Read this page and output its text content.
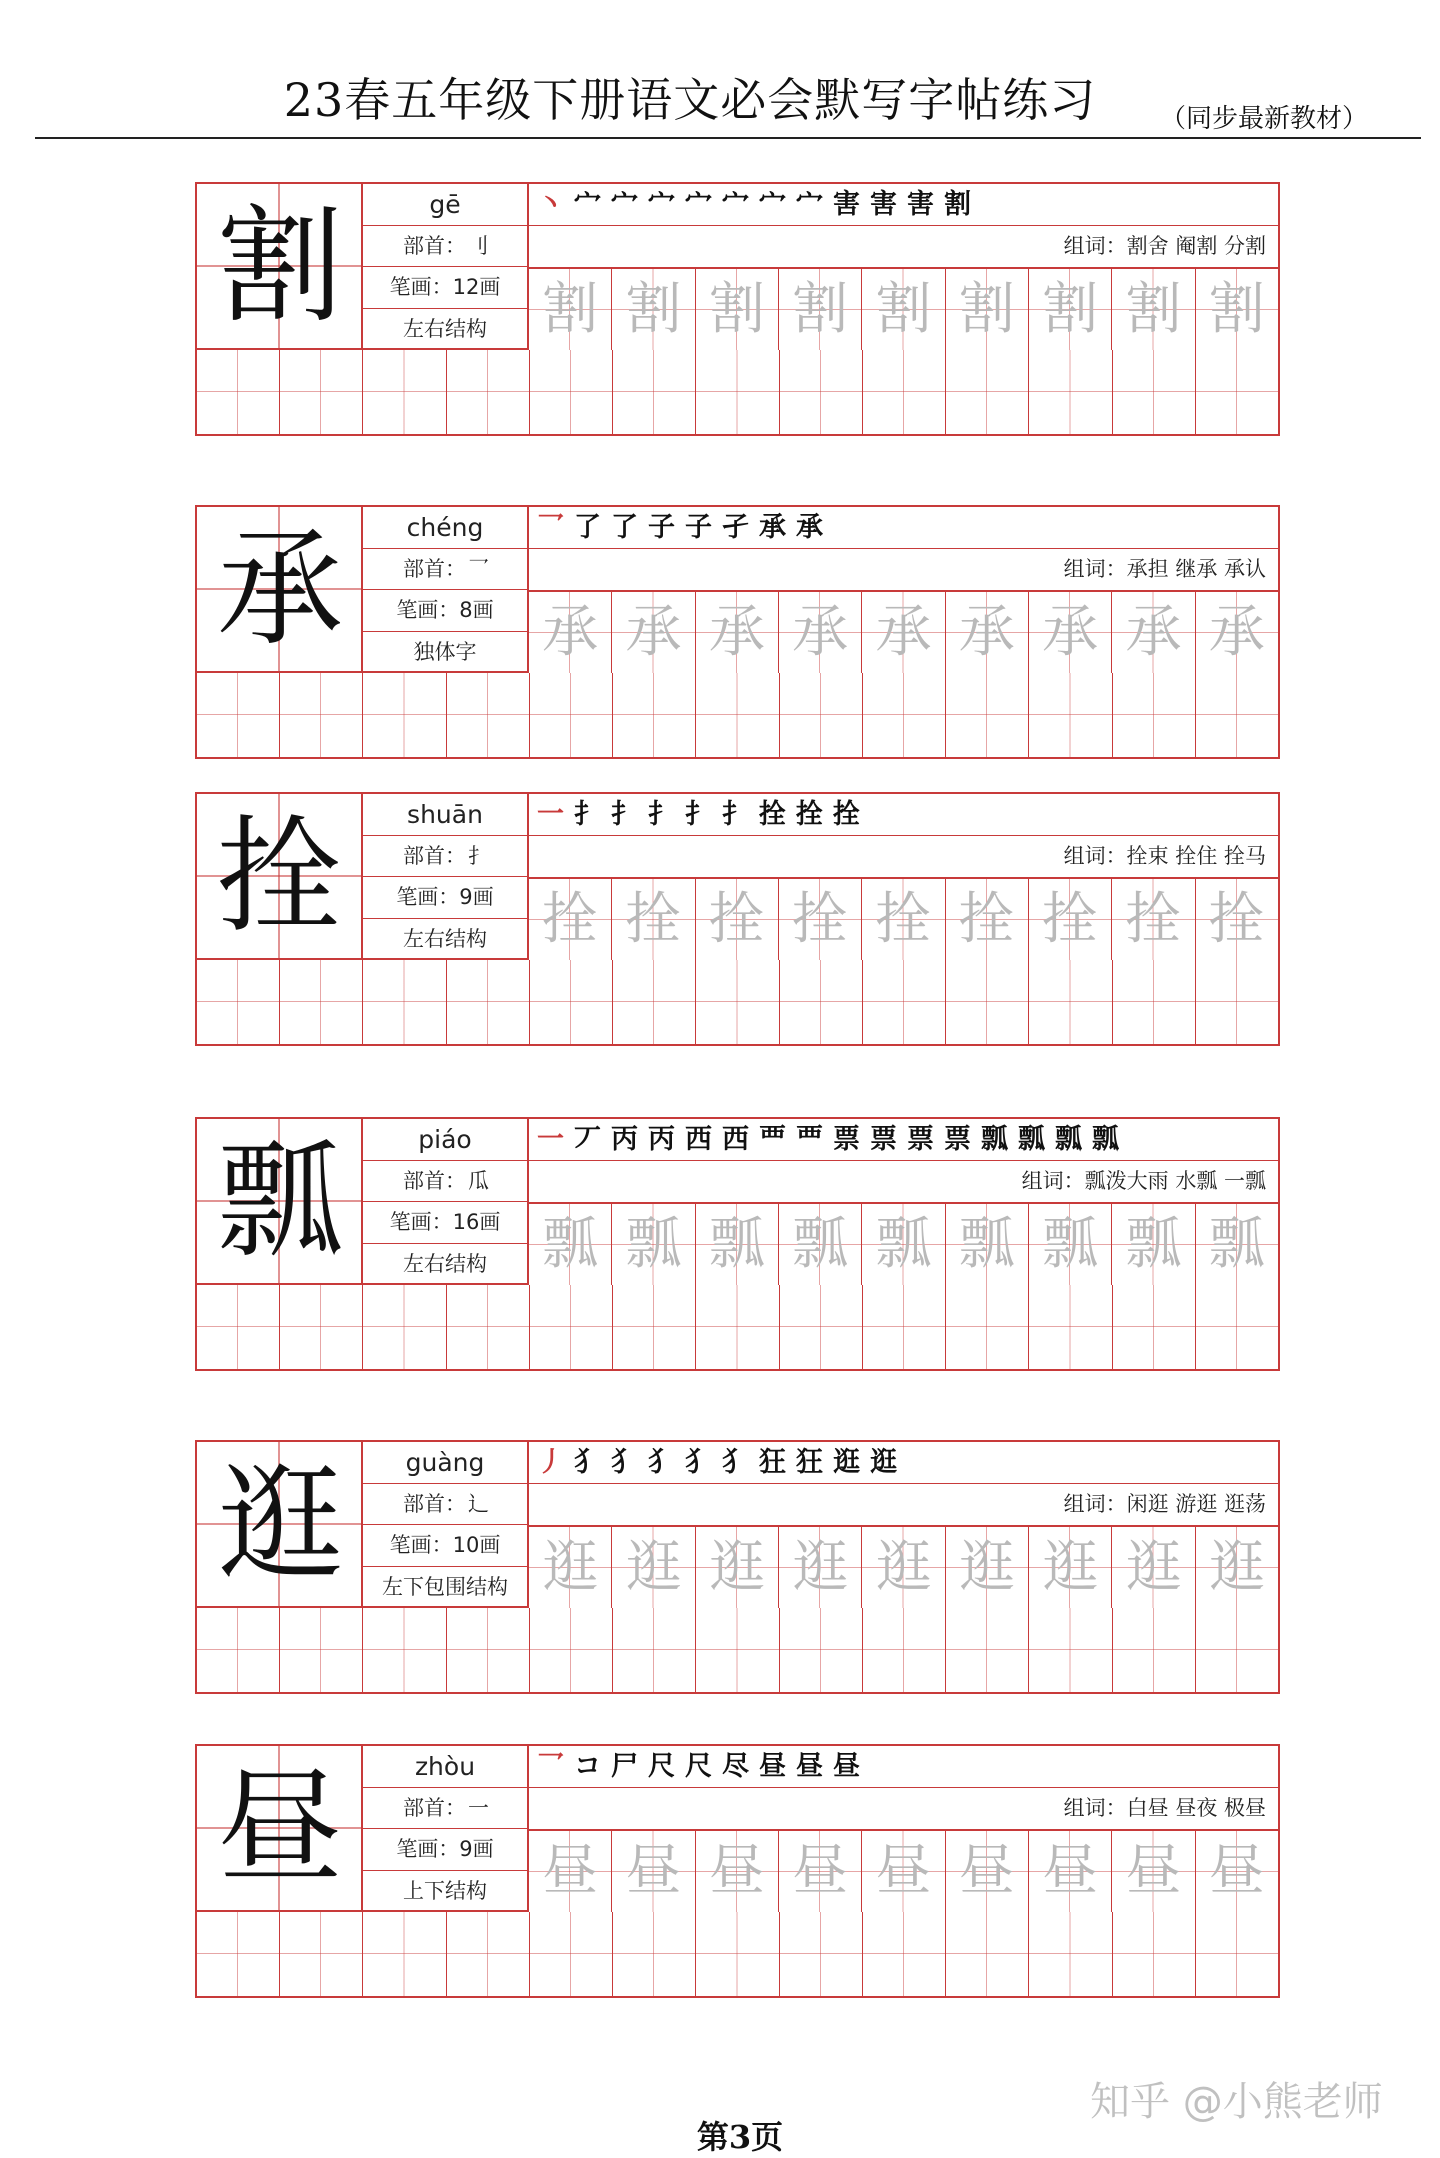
23春五年级下册语文必会默写字帖练习	（同步最新教材）
割	gē
部首：刂
笔画：12画
左右结构
丶 宀 宀 宀 宀 宀 宀 宀 害 害 害 割
组词：割舍 阉割 分割
割 割 割 割 割 割 割 割 割
承	chéng
部首：乛
笔画：8画
独体字
乛 了 了 子 子 孑 承 承
组词：承担 继承 承认
承 承 承 承 承 承 承 承 承
拴	shuān
部首：扌
笔画：9画
左右结构
一 扌 扌 扌 扌 扌 拴 拴 拴
组词：拴束 拴住 拴马
拴 拴 拴 拴 拴 拴 拴 拴 拴
瓢	piáo
部首：瓜
笔画：16画
左右结构
一 丆 丙 丙 西 西 覀 覀 票 票 票 票 瓢 瓢 瓢 瓢
组词：瓢泼大雨 水瓢 一瓢
瓢 瓢 瓢 瓢 瓢 瓢 瓢 瓢 瓢
逛	guàng
部首：辶
笔画：10画
左下包围结构
丿 犭 犭 犭 犭 犭 狂 狂 逛 逛
组词：闲逛 游逛 逛荡
逛 逛 逛 逛 逛 逛 逛 逛 逛
昼	zhòu
部首：一
笔画：9画
上下结构
乛 コ 尸 尺 尺 尽 昼 昼 昼
组词：白昼 昼夜 极昼
昼 昼 昼 昼 昼 昼 昼 昼 昼
知乎 @小熊老师
第3页
